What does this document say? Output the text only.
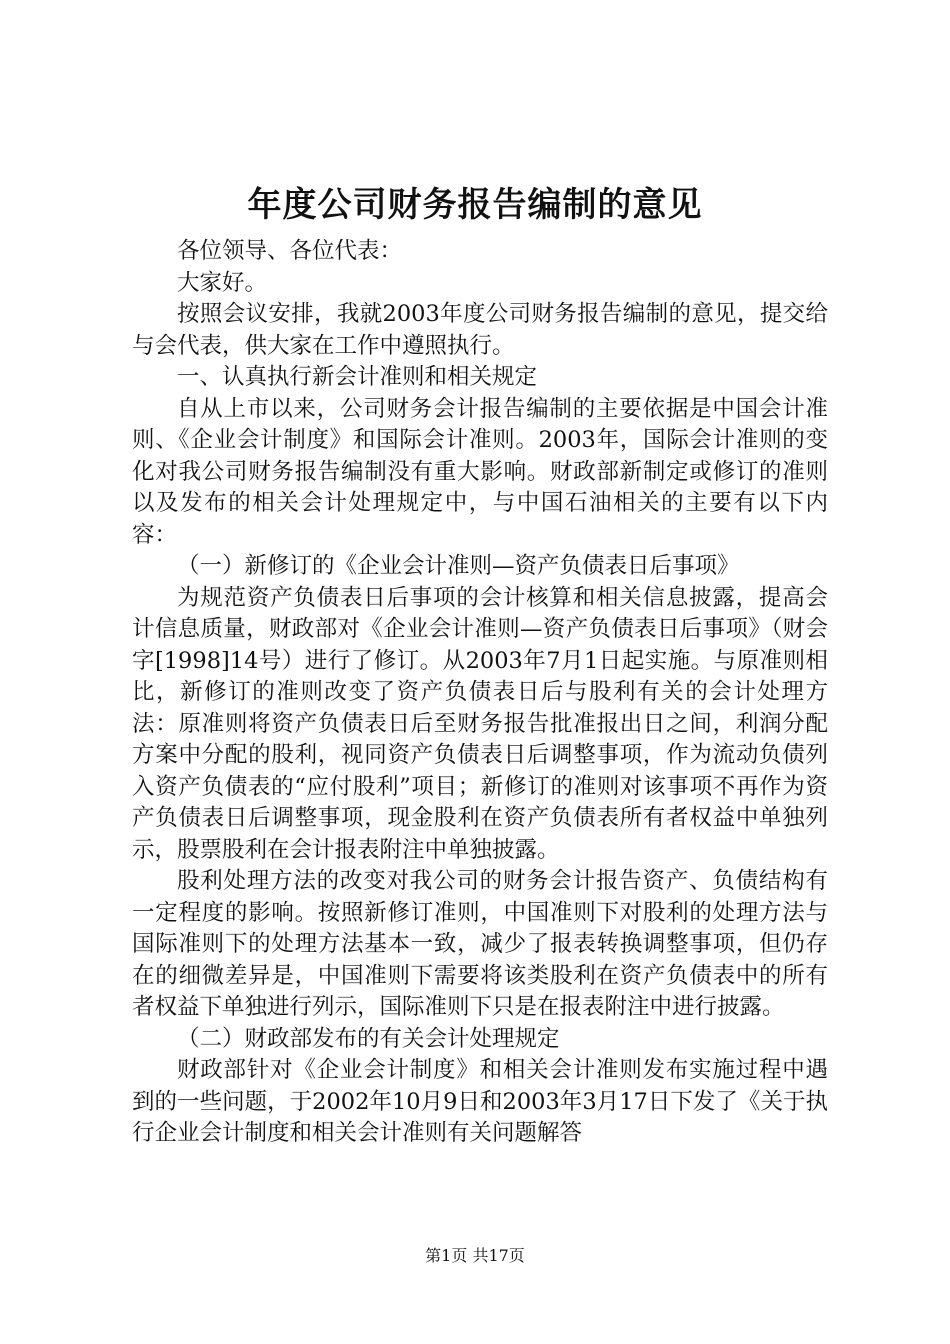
年度公司财务报告编制的意见

各位领导、各位代表：

大家好。

按照会议安排，我就2003年度公司财务报告编制的意见，提交给与会代表，供大家在工作中遵照执行。

一、认真执行新会计准则和相关规定

自从上市以来，公司财务会计报告编制的主要依据是中国会计准则、《企业会计制度》和国际会计准则。2003年，国际会计准则的变化对我公司财务报告编制没有重大影响。财政部新制定或修订的准则以及发布的相关会计处理规定中，与中国石油相关的主要有以下内容：

（一）新修订的《企业会计准则—资产负债表日后事项》

为规范资产负债表日后事项的会计核算和相关信息披露，提高会计信息质量，财政部对《企业会计准则—资产负债表日后事项》（财会字[1998]14号）进行了修订。从2003年7月1日起实施。与原准则相比，新修订的准则改变了资产负债表日后与股利有关的会计处理方法：原准则将资产负债表日后至财务报告批准报出日之间，利润分配方案中分配的股利，视同资产负债表日后调整事项，作为流动负债列入资产负债表的“应付股利”项目；新修订的准则对该事项不再作为资产负债表日后调整事项，现金股利在资产负债表所有者权益中单独列示，股票股利在会计报表附注中单独披露。

股利处理方法的改变对我公司的财务会计报告资产、负债结构有一定程度的影响。按照新修订准则，中国准则下对股利的处理方法与国际准则下的处理方法基本一致，减少了报表转换调整事项，但仍存在的细微差异是，中国准则下需要将该类股利在资产负债表中的所有者权益下单独进行列示，国际准则下只是在报表附注中进行披露。

（二）财政部发布的有关会计处理规定

财政部针对《企业会计制度》和相关会计准则发布实施过程中遇到的一些问题，于2002年10月9日和2003年3月17日下发了《关于执行企业会计制度和相关会计准则有关问题解答

第1页 共17页
